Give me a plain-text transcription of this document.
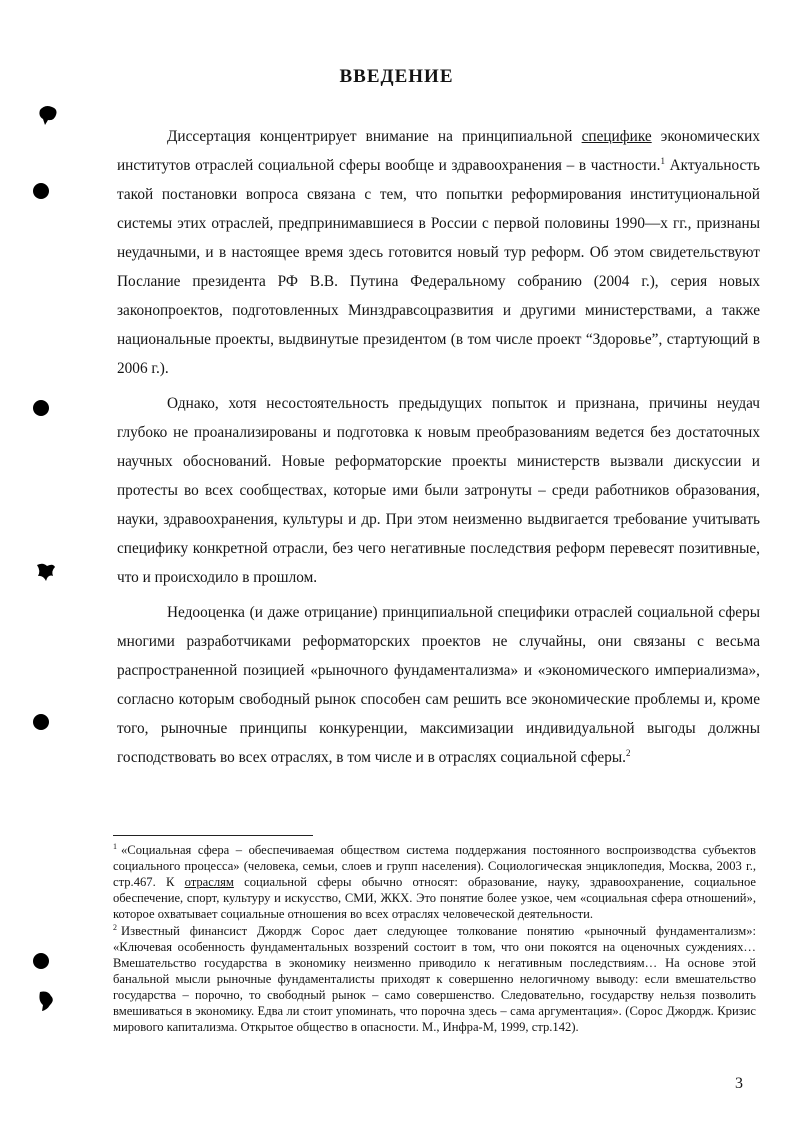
ВВЕДЕНИЕ

Диссертация концентрирует внимание на принципиальной специфике экономических институтов отраслей социальной сферы вообще и здравоохранения – в частности.$^1$ Актуальность такой постановки вопроса связана с тем, что попытки реформирования институциональной системы этих отраслей, предпринимавшиеся в России с первой половины 1990—х гг., признаны неудачными, и в настоящее время здесь готовится новый тур реформ. Об этом свидетельствуют Послание президента РФ В.В. Путина Федеральному собранию (2004 г.), серия новых законопроектов, подготовленных Минздравсоцразвития и другими министерствами, а также национальные проекты, выдвинутые президентом (в том числе проект “Здоровье”, стартующий в 2006 г.).

Однако, хотя несостоятельность предыдущих попыток и признана, причины неудач глубоко не проанализированы и подготовка к новым преобразованиям ведется без достаточных научных обоснований. Новые реформаторские проекты министерств вызвали дискуссии и протесты во всех сообществах, которые ими были затронуты – среди работников образования, науки, здравоохранения, культуры и др. При этом неизменно выдвигается требование учитывать специфику конкретной отрасли, без чего негативные последствия реформ перевесят позитивные, что и происходило в прошлом.

Недооценка (и даже отрицание) принципиальной специфики отраслей социальной сферы многими разработчиками реформаторских проектов не случайны, они связаны с весьма распространенной позицией «рыночного фундаментализма» и «экономического империализма», согласно которым свободный рынок способен сам решить все экономические проблемы и, кроме того, рыночные принципы конкуренции, максимизации индивидуальной выгоды должны господствовать во всех отраслях, в том числе и в отраслях социальной сферы.$^2$

$^1$ «Социальная сфера – обеспечиваемая обществом система поддержания постоянного воспроизводства субъектов социального процесса» (человека, семьи, слоев и групп населения). Социологическая энциклопедия, Москва, 2003 г., стр.467. К отраслям социальной сферы обычно относят: образование, науку, здравоохранение, социальное обеспечение, спорт, культуру и искусство, СМИ, ЖКХ. Это понятие более узкое, чем «социальная сфера отношений», которое охватывает социальные отношения во всех отраслях человеческой деятельности.

$^2$ Известный финансист Джордж Сорос дает следующее толкование понятию «рыночный фундаментализм»: «Ключевая особенность фундаментальных воззрений состоит в том, что они покоятся на оценочных суждениях… Вмешательство государства в экономику неизменно приводило к негативным последствиям… На основе этой банальной мысли рыночные фундаменталисты приходят к совершенно нелогичному выводу: если вмешательство государства – порочно, то свободный рынок – само совершенство. Следовательно, государству нельзя позволить вмешиваться в экономику. Едва ли стоит упоминать, что порочна здесь – сама аргументация». (Сорос Джордж. Кризис мирового капитализма. Открытое общество в опасности. М., Инфра-М, 1999, стр.142).

3
